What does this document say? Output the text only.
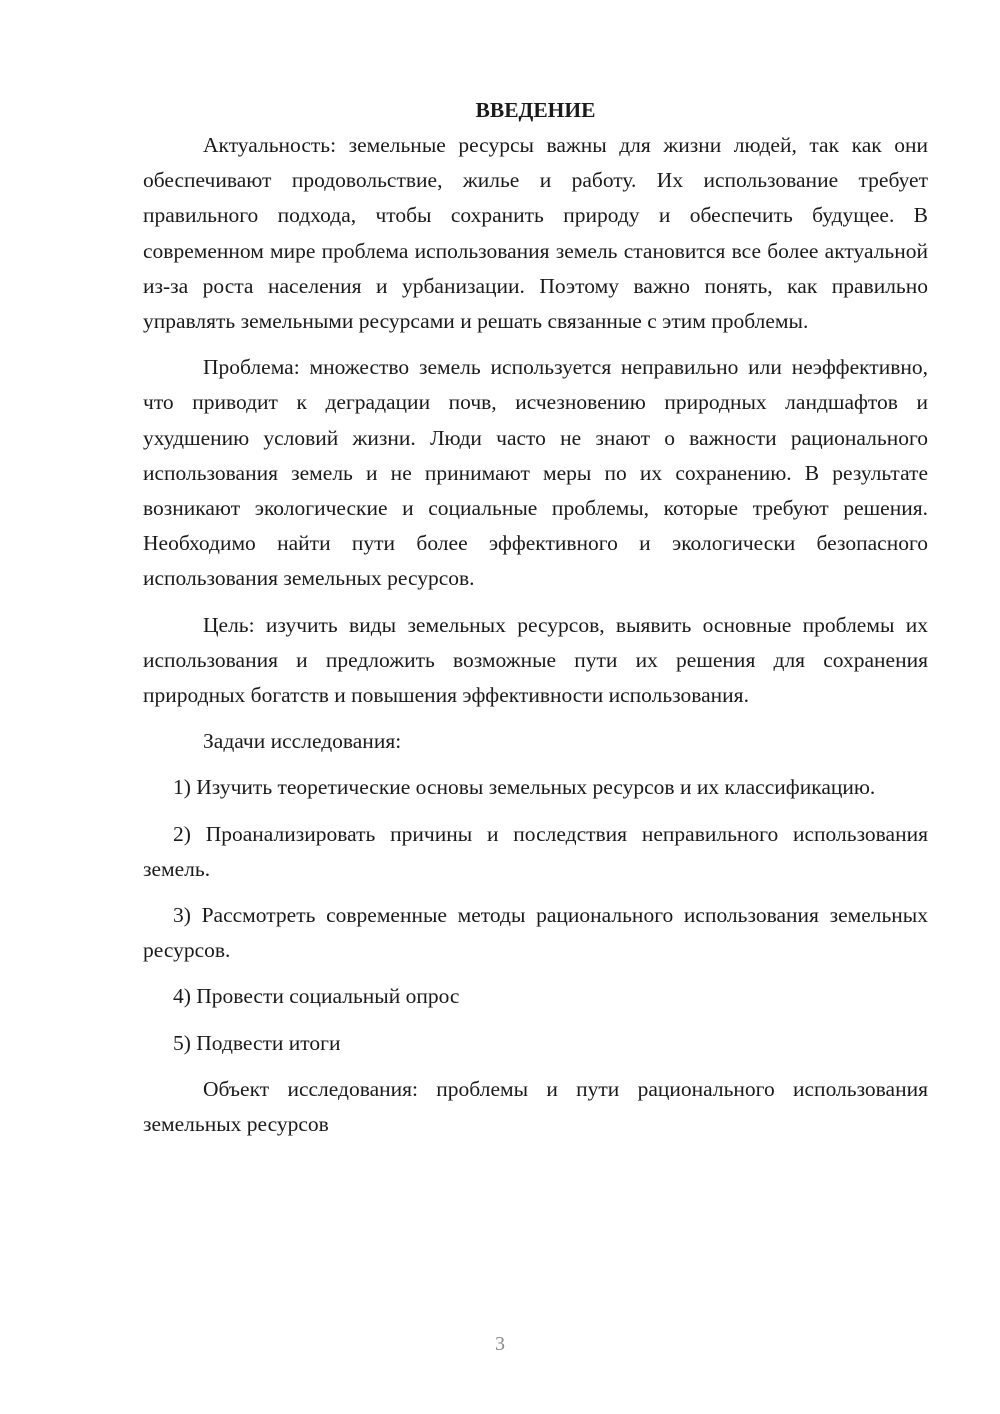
ВВЕДЕНИЕ

Актуальность: земельные ресурсы важны для жизни людей, так как они обеспечивают продовольствие, жилье и работу. Их использование требует правильного подхода, чтобы сохранить природу и обеспечить будущее. В современном мире проблема использования земель становится все более актуальной из-за роста населения и урбанизации. Поэтому важно понять, как правильно управлять земельными ресурсами и решать связанные с этим проблемы.

Проблема: множество земель используется неправильно или неэффективно, что приводит к деградации почв, исчезновению природных ландшафтов и ухудшению условий жизни. Люди часто не знают о важности рационального использования земель и не принимают меры по их сохранению. В результате возникают экологические и социальные проблемы, которые требуют решения. Необходимо найти пути более эффективного и экологически безопасного использования земельных ресурсов.

Цель: изучить виды земельных ресурсов, выявить основные проблемы их использования и предложить возможные пути их решения для сохранения природных богатств и повышения эффективности использования.

Задачи исследования:

1) Изучить теоретические основы земельных ресурсов и их классификацию.

2) Проанализировать причины и последствия неправильного использования земель.

3) Рассмотреть современные методы рационального использования земельных ресурсов.

4) Провести социальный опрос

5) Подвести итоги

Объект исследования: проблемы и пути рационального использования земельных ресурсов

3
